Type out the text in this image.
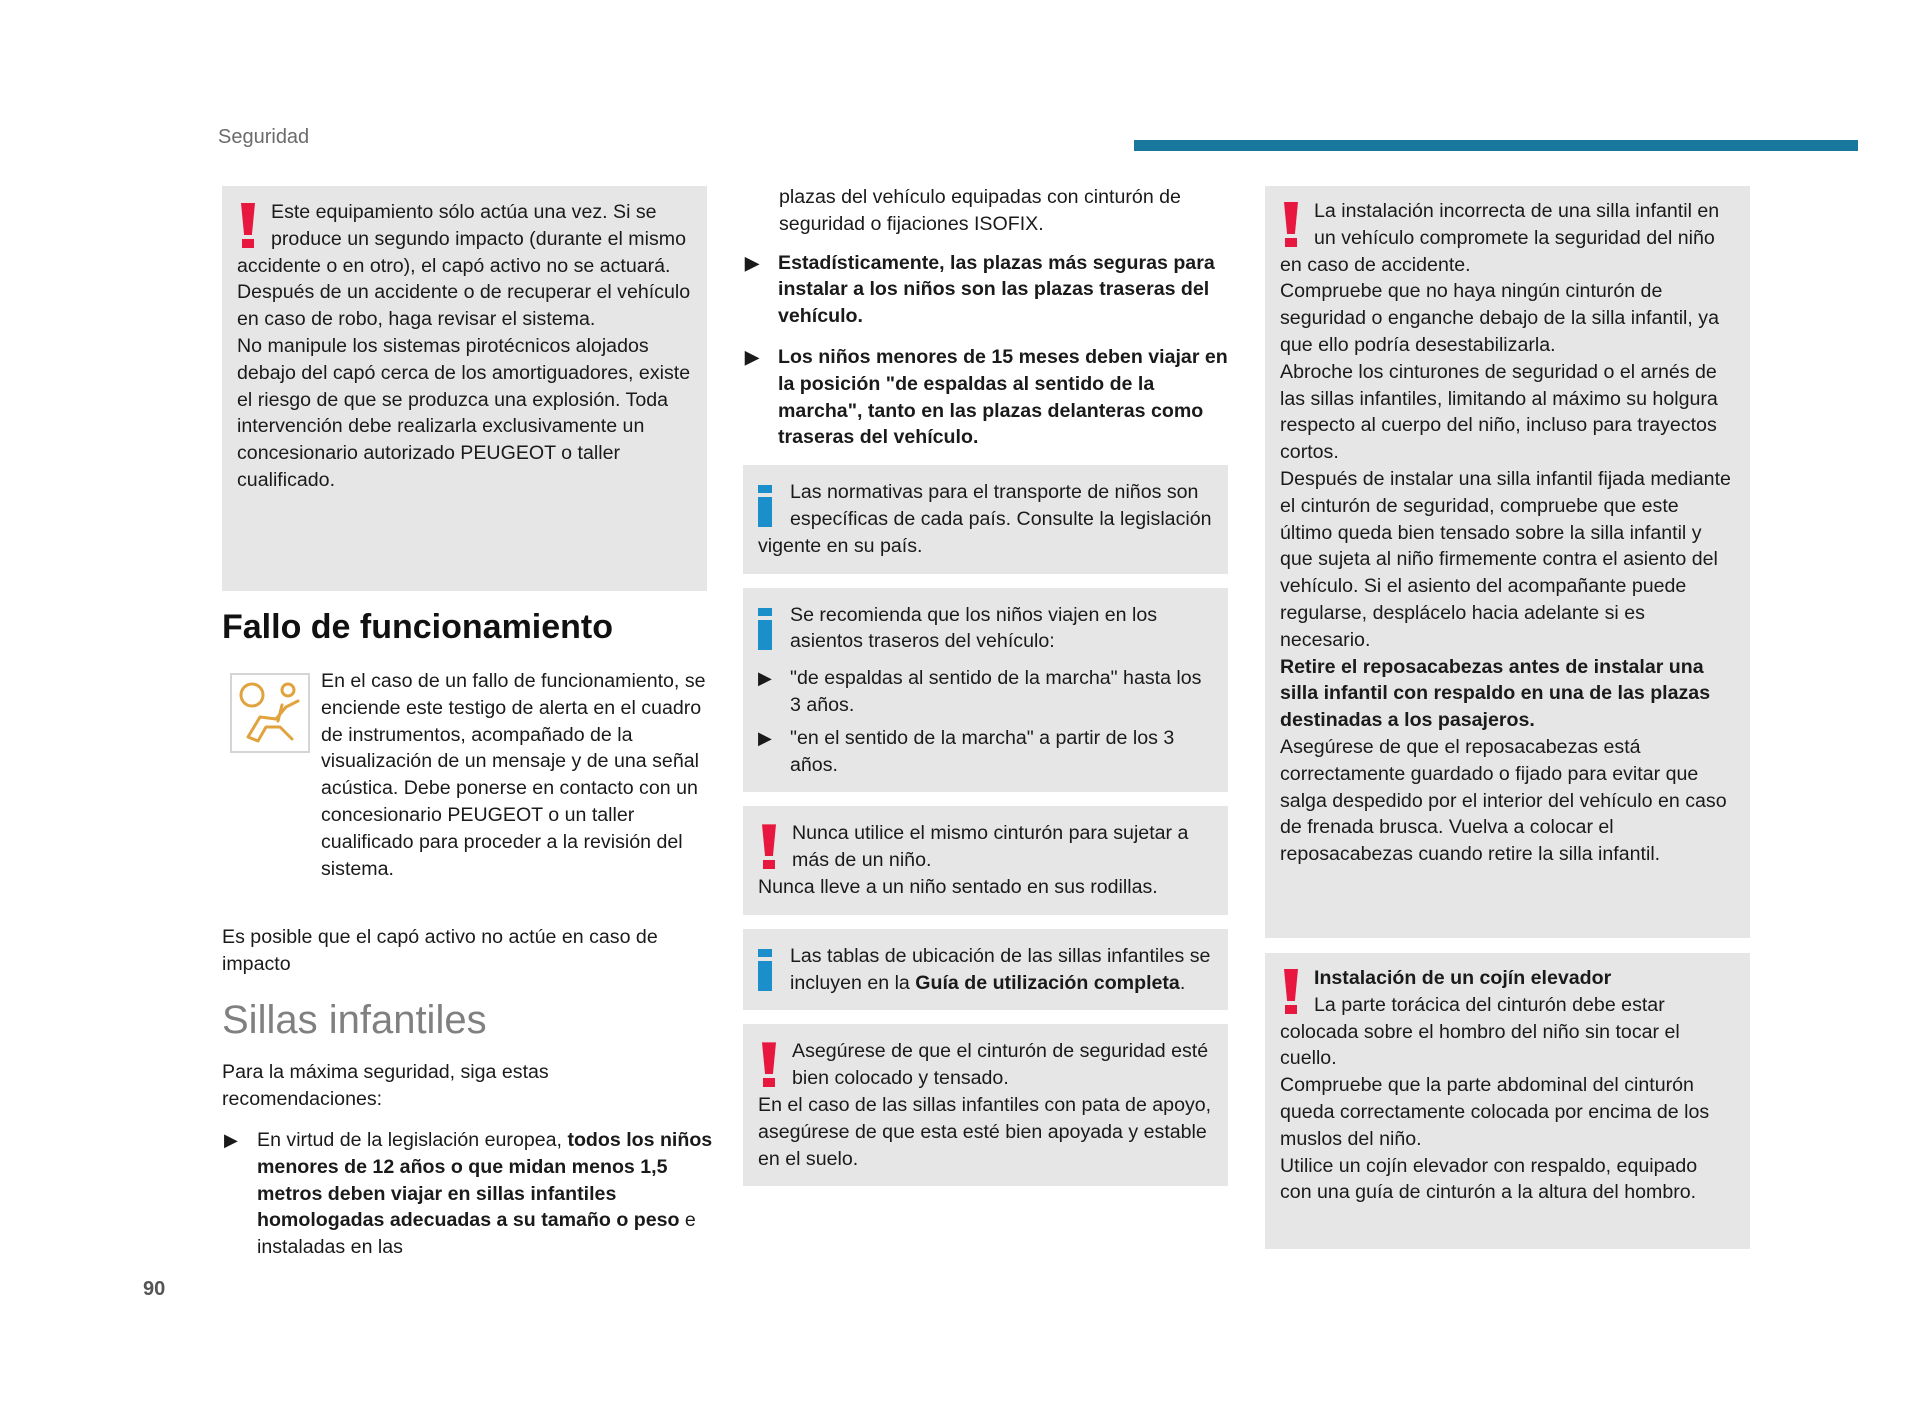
Seguridad
90

Este equipamiento sólo actúa una vez. Si se produce un segundo impacto (durante el mismo accidente o en otro), el capó activo no se actuará.

Después de un accidente o de recuperar el vehículo en caso de robo, haga revisar el sistema.

No manipule los sistemas pirotécnicos alojados debajo del capó cerca de los amortiguadores, existe el riesgo de que se produzca una explosión. Toda intervención debe realizarla exclusivamente un concesionario autorizado PEUGEOT o taller cualificado.

Fallo de funcionamiento
En el caso de un fallo de funcionamiento, se enciende este testigo de alerta en el cuadro de instrumentos, acompañado de la visualización de un mensaje y de una señal acústica. Debe ponerse en contacto con un concesionario PEUGEOT o un taller cualificado para proceder a la revisión del sistema.
Es posible que el capó activo no actúe en caso de impacto
Sillas infantiles
Para la máxima seguridad, siga estas recomendaciones:
▶ En virtud de la legislación europea, todos los niños menores de 12 años o que midan menos 1,5 metros deben viajar en sillas infantiles homologadas adecuadas a su tamaño o peso e instaladas en las
plazas del vehículo equipadas con cinturón de seguridad o fijaciones ISOFIX.
▶ Estadísticamente, las plazas más seguras para instalar a los niños son las plazas traseras del vehículo.
▶ Los niños menores de 15 meses deben viajar en la posición "de espaldas al sentido de la marcha", tanto en las plazas delanteras como traseras del vehículo.

Las normativas para el transporte de niños son específicas de cada país. Consulte la legislación vigente en su país.

Se recomienda que los niños viajen en los asientos traseros del vehículo:

▶ "de espaldas al sentido de la marcha" hasta los 3 años.
▶ "en el sentido de la marcha" a partir de los 3 años.

Nunca utilice el mismo cinturón para sujetar a más de un niño.

Nunca lleve a un niño sentado en sus rodillas.

Las tablas de ubicación de las sillas infantiles se incluyen en la Guía de utilización completa.

Asegúrese de que el cinturón de seguridad esté bien colocado y tensado.

En el caso de las sillas infantiles con pata de apoyo, asegúrese de que esta esté bien apoyada y estable en el suelo.

La instalación incorrecta de una silla infantil en un vehículo compromete la seguridad del niño en caso de accidente.

Compruebe que no haya ningún cinturón de seguridad o enganche debajo de la silla infantil, ya que ello podría desestabilizarla.

Abroche los cinturones de seguridad o el arnés de las sillas infantiles, limitando al máximo su holgura respecto al cuerpo del niño, incluso para trayectos cortos.

Después de instalar una silla infantil fijada mediante el cinturón de seguridad, compruebe que este último queda bien tensado sobre la silla infantil y que sujeta al niño firmemente contra el asiento del vehículo. Si el asiento del acompañante puede regularse, desplácelo hacia adelante si es necesario.

Retire el reposacabezas antes de instalar una silla infantil con respaldo en una de las plazas destinadas a los pasajeros.

Asegúrese de que el reposacabezas está correctamente guardado o fijado para evitar que salga despedido por el interior del vehículo en caso de frenada brusca. Vuelva a colocar el reposacabezas cuando retire la silla infantil.

Instalación de un cojín elevador

La parte torácica del cinturón debe estar colocada sobre el hombro del niño sin tocar el cuello.

Compruebe que la parte abdominal del cinturón queda correctamente colocada por encima de los muslos del niño.

Utilice un cojín elevador con respaldo, equipado con una guía de cinturón a la altura del hombro.
